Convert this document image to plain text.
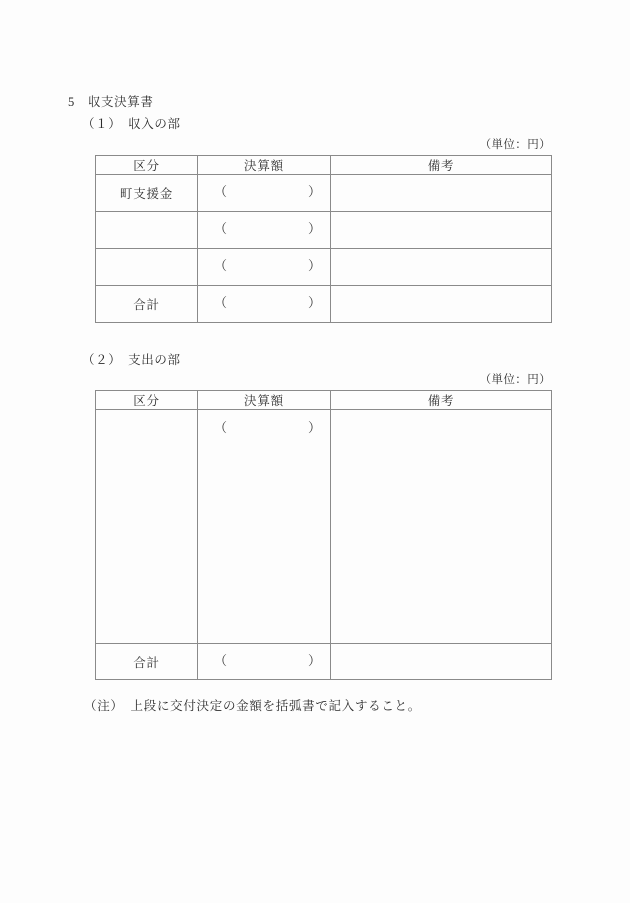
5　収支決算書
（１）　収入の部
（単位：円）
区分	決算額	備考
町支援金	（ ）	

	（ ）	

	（ ）	

合計	（ ）	

（２）　支出の部
（単位：円）
区分	決算額	備考

	（ ）	

合計	（ ）	

（注）　上段に交付決定の金額を括弧書で記入すること。
